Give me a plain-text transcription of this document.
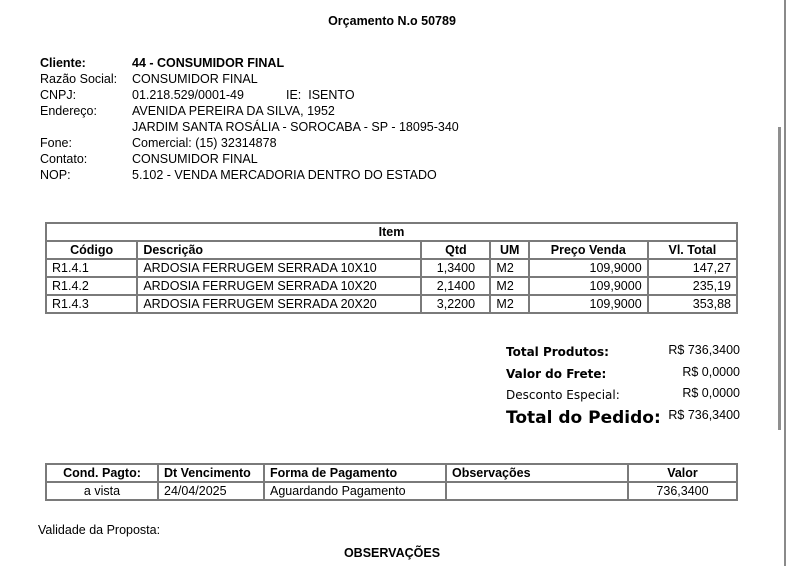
Orçamento N.o 50789
Cliente:	44 - CONSUMIDOR FINAL
Razão Social: CONSUMIDOR FINAL
CNPJ:	01.218.529/0001-49	IE:  ISENTO
Endereço:	AVENIDA PEREIRA DA SILVA, 1952
JARDIM SANTA ROSÁLIA - SOROCABA - SP - 18095-340
Fone:	Comercial: (15) 32314878
Contato:	CONSUMIDOR FINAL
NOP:	5.102 - VENDA MERCADORIA DENTRO DO ESTADO
Item					
Código	Descrição	Qtd	UM	Preço Venda	Vl. Total
R1.4.1	ARDOSIA FERRUGEM SERRADA 10X10	1,3400	M2	109,9000	147,27
R1.4.2	ARDOSIA FERRUGEM SERRADA 10X20	2,1400	M2	109,9000	235,19
R1.4.3	ARDOSIA FERRUGEM SERRADA 20X20	3,2200	M2	109,9000	353,88
Total Produtos:	R$ 736,3400
Valor do Frete:	R$ 0,0000
Desconto Especial:	R$ 0,0000
Total do Pedido: R$ 736,3400
Cond. Pagto:	Dt Vencimento	Forma de Pagamento	Observações	Valor
a vista	24/04/2025	Aguardando Pagamento		736,3400
Validade da Proposta:
OBSERVAÇÕES
